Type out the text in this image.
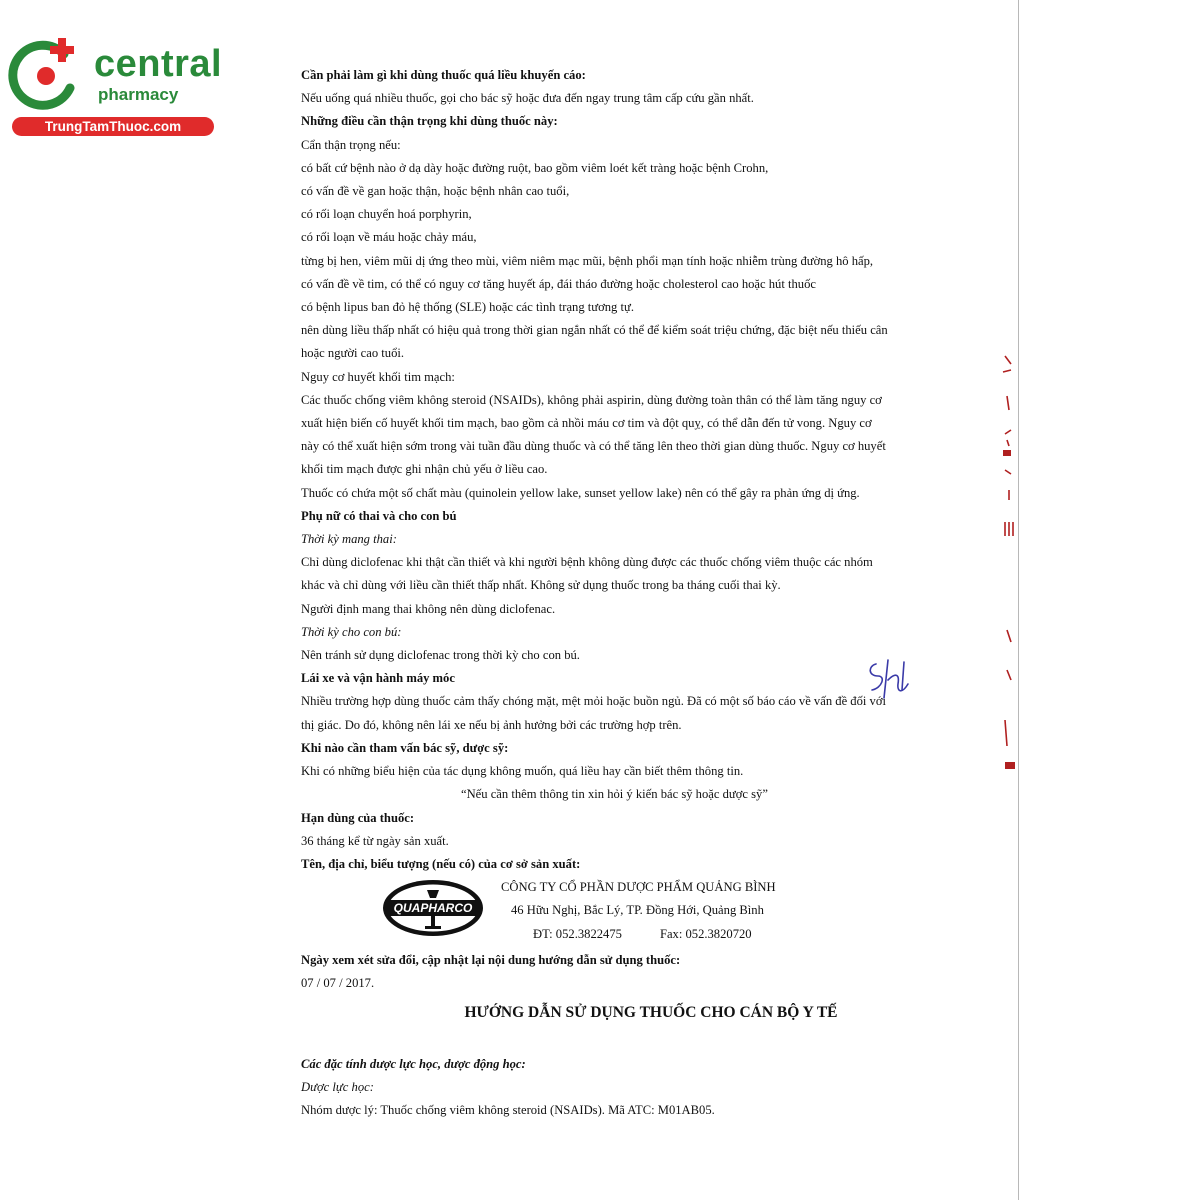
central
pharmacy
TrungTamThuoc.com
Cần phải làm gì khi dùng thuốc quá liều khuyến cáo:
Nếu uống quá nhiều thuốc, gọi cho bác sỹ hoặc đưa đến ngay trung tâm cấp cứu gần nhất.
Những điều cần thận trọng khi dùng thuốc này:
Cẩn thận trọng nếu:
có bất cứ bệnh nào ở dạ dày hoặc đường ruột, bao gồm viêm loét kết tràng hoặc bệnh Crohn,
có vấn đề về gan hoặc thận, hoặc bệnh nhân cao tuổi,
có rối loạn chuyển hoá porphyrin,
có rối loạn về máu hoặc chảy máu,
từng bị hen, viêm mũi dị ứng theo mùi, viêm niêm mạc mũi, bệnh phổi mạn tính hoặc nhiễm trùng đường hô hấp,
có vấn đề về tim, có thể có nguy cơ tăng huyết áp, đái tháo đường hoặc cholesterol cao hoặc hút thuốc
có bệnh lipus ban đỏ hệ thống (SLE) hoặc các tình trạng tương tự.
nên dùng liều thấp nhất có hiệu quả trong thời gian ngắn nhất có thể để kiểm soát triệu chứng, đặc biệt nếu thiếu cân
hoặc người cao tuổi.
Nguy cơ huyết khối tim mạch:
Các thuốc chống viêm không steroid (NSAIDs), không phải aspirin, dùng đường toàn thân có thể làm tăng nguy cơ
xuất hiện biến cố huyết khối tim mạch, bao gồm cả nhồi máu cơ tim và đột quỵ, có thể dẫn đến tử vong. Nguy cơ
này có thể xuất hiện sớm trong vài tuần đầu dùng thuốc và có thể tăng lên theo thời gian dùng thuốc. Nguy cơ huyết
khối tim mạch được ghi nhận chủ yếu ở liều cao.
Thuốc có chứa một số chất màu (quinolein yellow lake, sunset yellow lake) nên có thể gây ra phản ứng dị ứng.
Phụ nữ có thai và cho con bú
Thời kỳ mang thai:
Chỉ dùng diclofenac khi thật cần thiết và khi người bệnh không dùng được các thuốc chống viêm thuộc các nhóm
khác và chỉ dùng với liều cần thiết thấp nhất. Không sử dụng thuốc trong ba tháng cuối thai kỳ.
Người định mang thai không nên dùng diclofenac.
Thời kỳ cho con bú:
Nên tránh sử dụng diclofenac trong thời kỳ cho con bú.
Lái xe và vận hành máy móc
Nhiều trường hợp dùng thuốc cảm thấy chóng mặt, mệt mỏi hoặc buồn ngủ. Đã có một số báo cáo về vấn đề đối với
thị giác. Do đó, không nên lái xe nếu bị ảnh hưởng bởi các trường hợp trên.
Khi nào cần tham vấn bác sỹ, dược sỹ:
Khi có những biểu hiện của tác dụng không muốn, quá liều hay cần biết thêm thông tin.
“Nếu cần thêm thông tin xin hỏi ý kiến bác sỹ hoặc dược sỹ”
Hạn dùng của thuốc:
36 tháng kể từ ngày sản xuất.
Tên, địa chỉ, biểu tượng (nếu có) của cơ sở sản xuất:
QUAPHARCO
CÔNG TY CỔ PHẦN DƯỢC PHẨM QUẢNG BÌNH
46 Hữu Nghị, Bắc Lý, TP. Đồng Hới, Quảng Bình
ĐT: 052.3822475	Fax: 052.3820720
Ngày xem xét sửa đổi, cập nhật lại nội dung hướng dẫn sử dụng thuốc:
07 / 07 / 2017.
HƯỚNG DẪN SỬ DỤNG THUỐC CHO CÁN BỘ Y TẾ
Các đặc tính dược lực học, dược động học:
Dược lực học:
Nhóm dược lý: Thuốc chống viêm không steroid (NSAIDs). Mã ATC: M01AB05.
